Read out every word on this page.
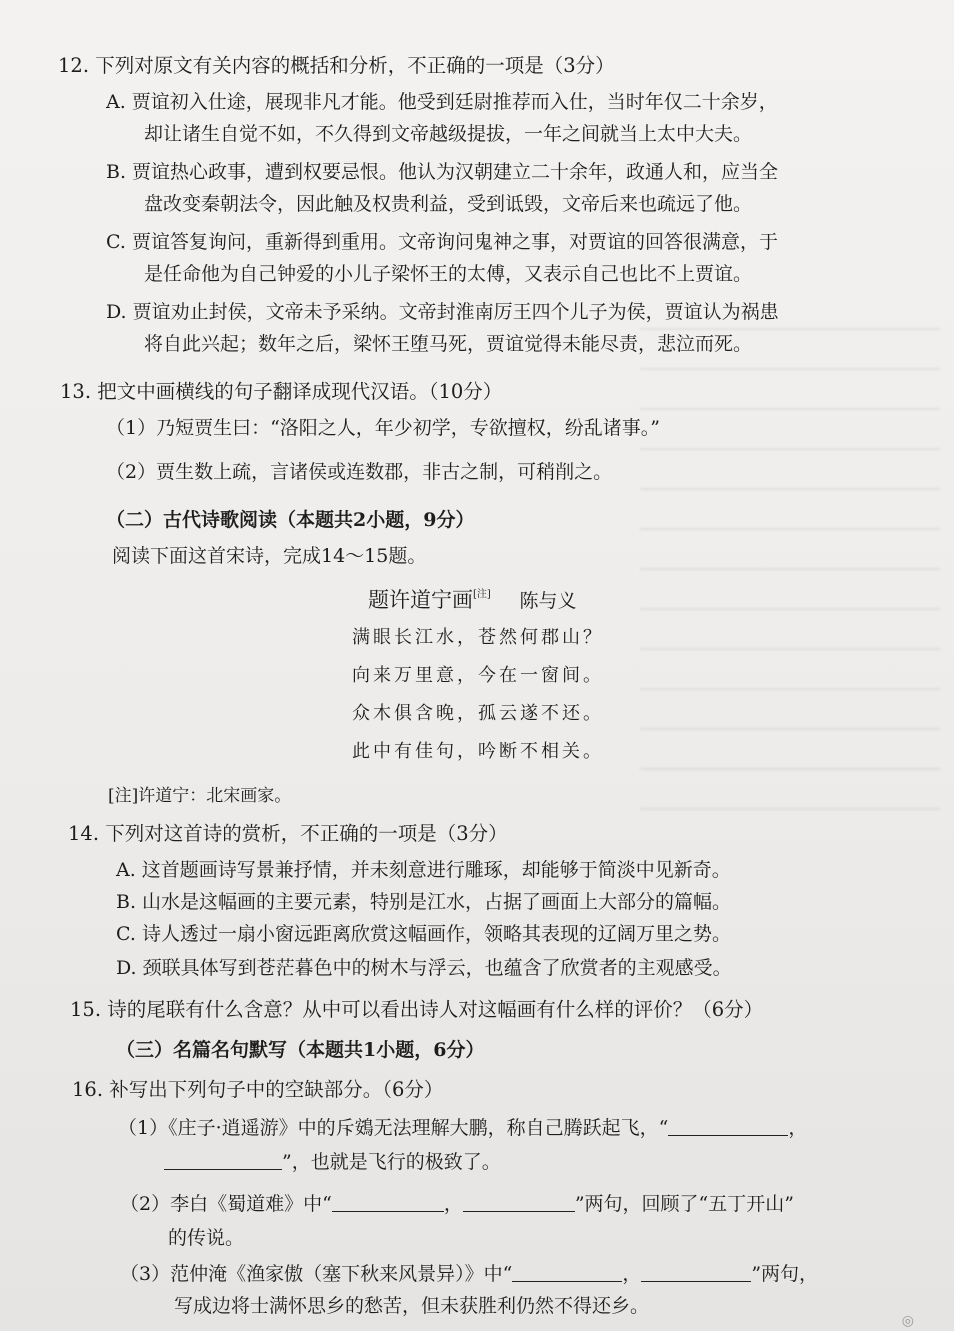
12. 下列对原文有关内容的概括和分析，不正确的一项是（3分）
A. 贾谊初入仕途，展现非凡才能。他受到廷尉推荐而入仕，当时年仅二十余岁，
却让诸生自觉不如，不久得到文帝越级提拔，一年之间就当上太中大夫。
B. 贾谊热心政事，遭到权要忌恨。他认为汉朝建立二十余年，政通人和，应当全
盘改变秦朝法令，因此触及权贵利益，受到诋毁，文帝后来也疏远了他。
C. 贾谊答复询问，重新得到重用。文帝询问鬼神之事，对贾谊的回答很满意，于
是任命他为自己钟爱的小儿子梁怀王的太傅，又表示自己也比不上贾谊。
D. 贾谊劝止封侯，文帝未予采纳。文帝封淮南厉王四个儿子为侯，贾谊认为祸患
将自此兴起；数年之后，梁怀王堕马死，贾谊觉得未能尽责，悲泣而死。
13. 把文中画横线的句子翻译成现代汉语。（10分）
（1）乃短贾生曰：“洛阳之人，年少初学，专欲擅权，纷乱诸事。”
（2）贾生数上疏，言诸侯或连数郡，非古之制，可稍削之。
（二）古代诗歌阅读（本题共2小题，9分）
阅读下面这首宋诗，完成14～15题。
题许道宁画[注] 陈与义
满眼长江水，苍然何郡山？
向来万里意，今在一窗间。
众木俱含晚，孤云遂不还。
此中有佳句，吟断不相关。
[注]许道宁：北宋画家。
14. 下列对这首诗的赏析，不正确的一项是（3分）
A. 这首题画诗写景兼抒情，并未刻意进行雕琢，却能够于简淡中见新奇。
B. 山水是这幅画的主要元素，特别是江水，占据了画面上大部分的篇幅。
C. 诗人透过一扇小窗远距离欣赏这幅画作，领略其表现的辽阔万里之势。
D. 颈联具体写到苍茫暮色中的树木与浮云，也蕴含了欣赏者的主观感受。
15. 诗的尾联有什么含意？从中可以看出诗人对这幅画有什么样的评价？（6分）
（三）名篇名句默写（本题共1小题，6分）
16. 补写出下列句子中的空缺部分。（6分）
（1）《庄子·逍遥游》中的斥鴳无法理解大鹏，称自己腾跃起飞，“	，
”，也就是飞行的极致了。
（2）李白《蜀道难》中“	，	”两句，回顾了“五丁开山”
的传说。
（3）范仲淹《渔家傲（塞下秋来风景异）》中“	，	”两句，
写成边将士满怀思乡的愁苦，但未获胜利仍然不得还乡。
◎
